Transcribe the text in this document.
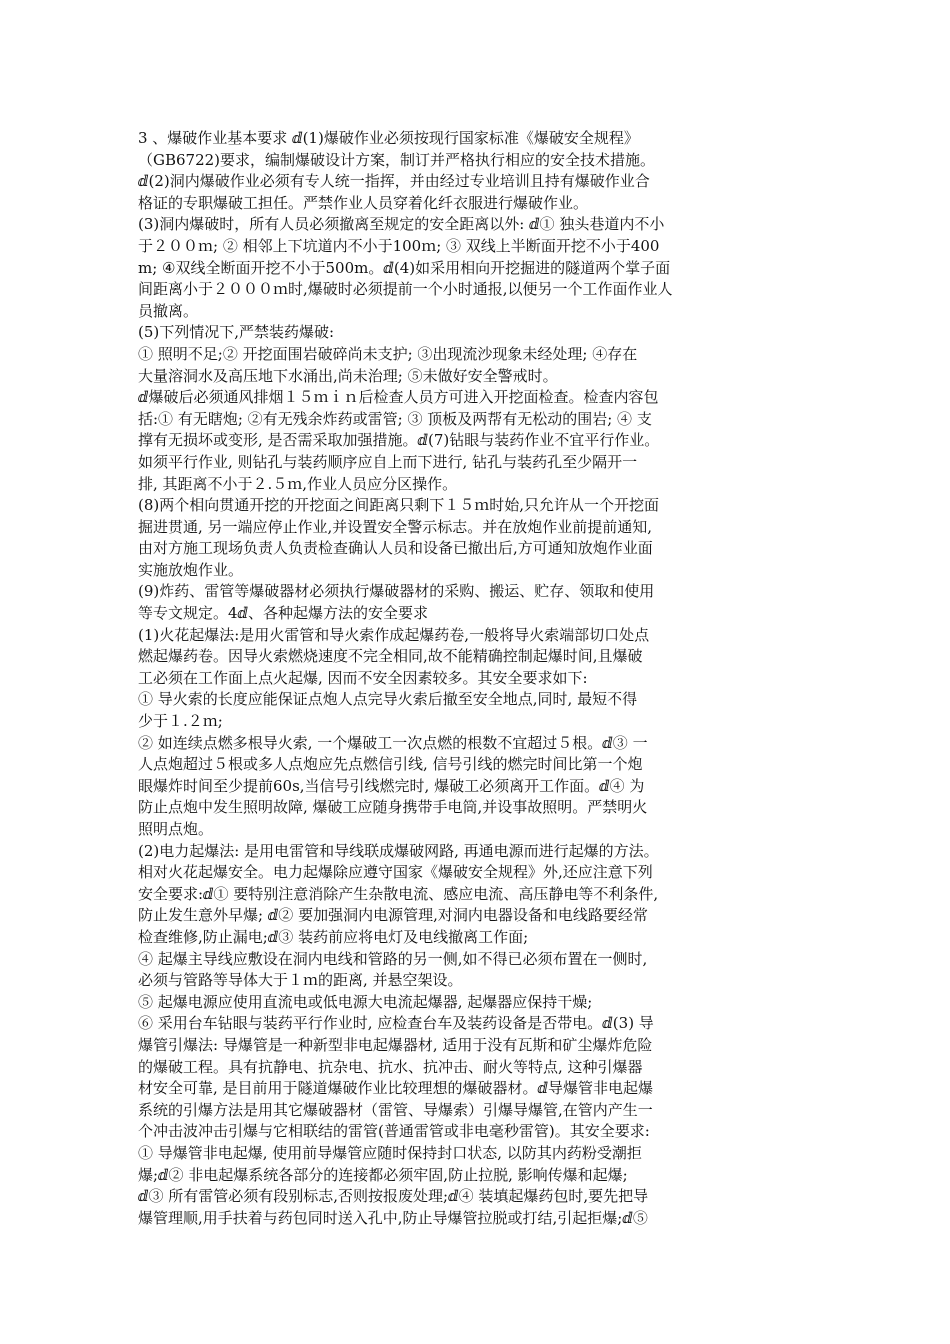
3 、爆破作业基本要求 ⅆ(1)爆破作业必须按现行国家标准《爆破安全规程》
（GB6722)要求，编制爆破设计方案，制订并严格执行相应的安全技术措施。
ⅆ(2)洞内爆破作业必须有专人统一指挥，并由经过专业培训且持有爆破作业合
格证的专职爆破工担任。严禁作业人员穿着化纤衣服进行爆破作业。
(3)洞内爆破时，所有人员必须撤离至规定的安全距离以外: ⅆ① 独头巷道内不小
于２００ｍ; ② 相邻上下坑道内不小于100ｍ; ③ 双线上半断面开挖不小于400
m; ④双线全断面开挖不小于500m。ⅆ(4)如采用相向开挖掘进的隧道两个掌子面
间距离小于２０００ｍ时,爆破时必须提前一个小时通报,以便另一个工作面作业人
员撤离。
(5)下列情况下,严禁装药爆破:
① 照明不足;② 开挖面围岩破碎尚未支护; ③出现流沙现象未经处理; ④存在
大量溶洞水及高压地下水涌出,尚未治理; ⑤未做好安全警戒时。
ⅆ爆破后必须通风排烟１５ｍｉｎ后检查人员方可进入开挖面检查。检查内容包
括:① 有无瞎炮; ②有无残余炸药或雷管; ③ 顶板及两帮有无松动的围岩; ④ 支
撑有无损坏或变形, 是否需采取加强措施。ⅆ(7)钻眼与装药作业不宜平行作业。
如须平行作业, 则钻孔与装药顺序应自上而下进行, 钻孔与装药孔至少隔开一
排, 其距离不小于２.５ｍ,作业人员应分区操作。
(8)两个相向贯通开挖的开挖面之间距离只剩下１５ｍ时始,只允许从一个开挖面
掘进贯通, 另一端应停止作业,并设置安全警示标志。并在放炮作业前提前通知,
由对方施工现场负责人负责检查确认人员和设备已撤出后,方可通知放炮作业面
实施放炮作业。
(9)炸药、雷管等爆破器材必须执行爆破器材的采购、搬运、贮存、领取和使用
等专文规定。4ⅆ、各种起爆方法的安全要求
(1)火花起爆法:是用火雷管和导火索作成起爆药卷,一般将导火索端部切口处点
燃起爆药卷。因导火索燃烧速度不完全相同,故不能精确控制起爆时间,且爆破
工必须在工作面上点火起爆, 因而不安全因素较多。其安全要求如下:
① 导火索的长度应能保证点炮人点完导火索后撤至安全地点,同时, 最短不得
少于１.２ｍ;
② 如连续点燃多根导火索, 一个爆破工一次点燃的根数不宜超过５根。ⅆ③ 一
人点炮超过５根或多人点炮应先点燃信引线, 信号引线的燃完时间比第一个炮
眼爆炸时间至少提前60s,当信号引线燃完时, 爆破工必须离开工作面。ⅆ④ 为
防止点炮中发生照明故障, 爆破工应随身携带手电筒,并设事故照明。严禁明火
照明点炮。
(2)电力起爆法: 是用电雷管和导线联成爆破网路, 再通电源而进行起爆的方法。
相对火花起爆安全。电力起爆除应遵守国家《爆破安全规程》外,还应注意下列
安全要求:ⅆ① 要特别注意消除产生杂散电流、感应电流、高压静电等不利条件,
防止发生意外早爆; ⅆ② 要加强洞内电源管理,对洞内电器设备和电线路要经常
检查维修,防止漏电;ⅆ③ 装药前应将电灯及电线撤离工作面;
④ 起爆主导线应敷设在洞内电线和管路的另一侧,如不得已必须布置在一侧时,
必须与管路等导体大于１ｍ的距离, 并悬空架设。
⑤ 起爆电源应使用直流电或低电源大电流起爆器, 起爆器应保持干燥;
⑥ 采用台车钻眼与装药平行作业时, 应检查台车及装药设备是否带电。ⅆ(3) 导
爆管引爆法: 导爆管是一种新型非电起爆器材, 适用于没有瓦斯和矿尘爆炸危险
的爆破工程。具有抗静电、抗杂电、抗水、抗冲击、耐火等特点, 这种引爆器
材安全可靠, 是目前用于隧道爆破作业比较理想的爆破器材。ⅆ导爆管非电起爆
系统的引爆方法是用其它爆破器材（雷管、导爆索）引爆导爆管,在管内产生一
个冲击波冲击引爆与它相联结的雷管(普通雷管或非电毫秒雷管)。其安全要求:
① 导爆管非电起爆, 使用前导爆管应随时保持封口状态, 以防其内药粉受潮拒
爆;ⅆ② 非电起爆系统各部分的连接都必须牢固,防止拉脱, 影响传爆和起爆;
ⅆ③ 所有雷管必须有段别标志,否则按报废处理;ⅆ④ 装填起爆药包时,要先把导
爆管理顺,用手扶着与药包同时送入孔中,防止导爆管拉脱或打结,引起拒爆;ⅆ⑤
